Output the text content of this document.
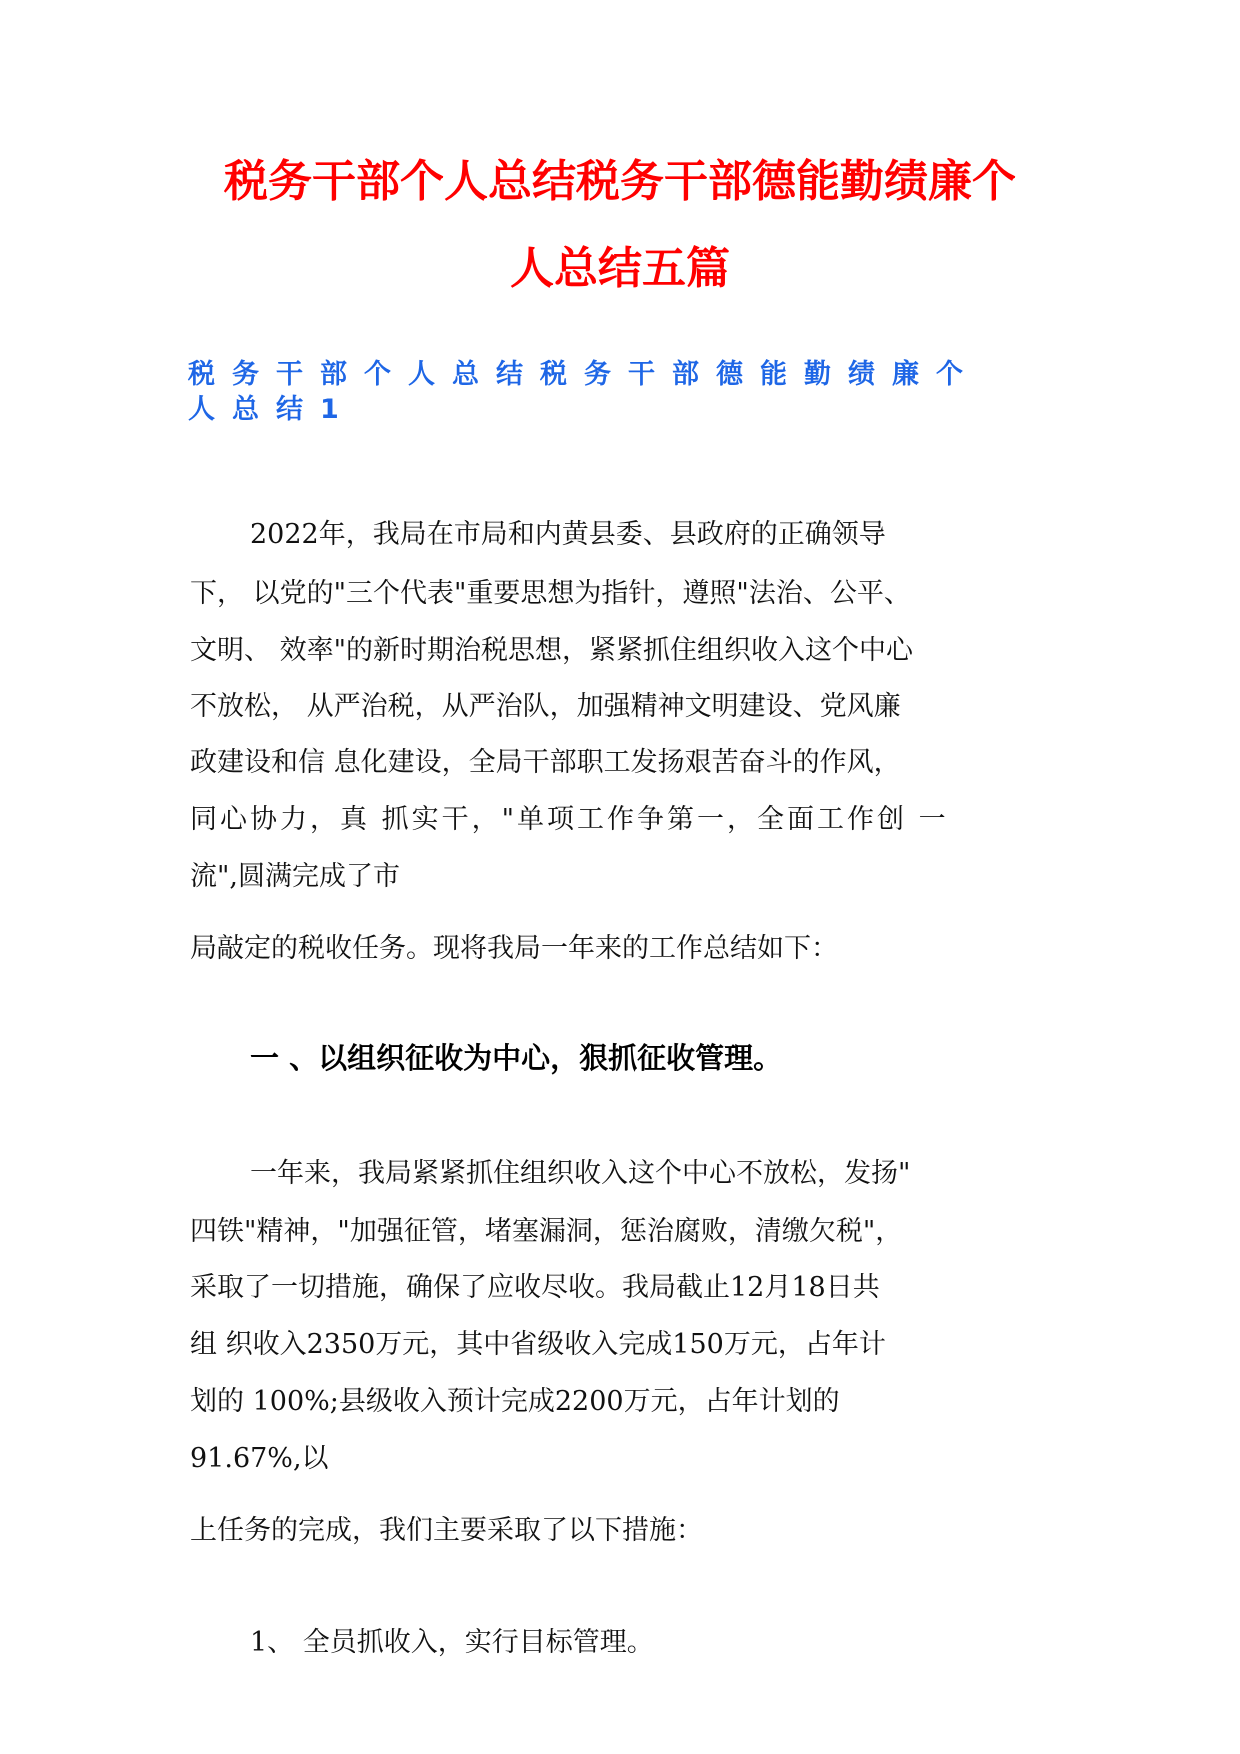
税务干部个人总结税务干部德能勤绩廉个
人总结五篇
税务干部个人总结税务干部德能勤绩廉个
人总结1
2022年，我局在市局和内黄县委、县政府的正确领导
下， 以党的"三个代表"重要思想为指针，遵照"法治、公平、
文明、 效率"的新时期治税思想，紧紧抓住组织收入这个中心
不放松， 从严治税，从严治队，加强精神文明建设、党风廉
政建设和信 息化建设，全局干部职工发扬艰苦奋斗的作风，
同心协力，真 抓实干，"单项工作争第一，全面工作创 一
流",圆满完成了市
局敲定的税收任务。现将我局一年来的工作总结如下：
一 、以组织征收为中心，狠抓征收管理。
一年来，我局紧紧抓住组织收入这个中心不放松，发扬"
四铁"精神，"加强征管，堵塞漏洞，惩治腐败，清缴欠税"，
采取了一切措施，确保了应收尽收。我局截止12月18日共
组 织收入2350万元，其中省级收入完成150万元，占年计
划的 100%;县级收入预计完成2200万元，占年计划的
91.67%,以
上任务的完成，我们主要采取了以下措施：
1、 全员抓收入，实行目标管理。
